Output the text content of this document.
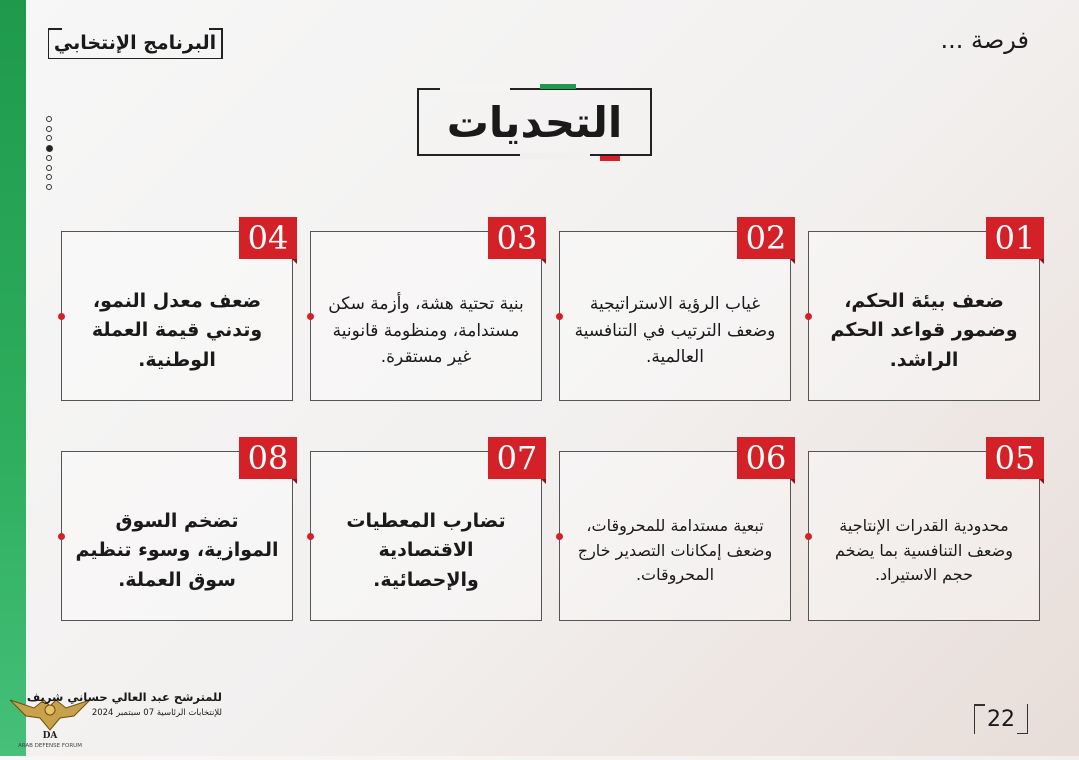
البرنامج الإنتخابي	فرصة ...
التحديات
01
ضعف بيئة الحكم، وضمور قواعد الحكم الراشد.
02
غياب الرؤية الاستراتيجية وضعف الترتيب في التنافسية العالمية.
03
بنية تحتية هشة، وأزمة سكن مستدامة، ومنظومة قانونية غير مستقرة.
04
ضعف معدل النمو، وتدني قيمة العملة الوطنية.
05
محدودية القدرات الإنتاجية وضعف التنافسية بما يضخم حجم الاستيراد.
06
تبعية مستدامة للمحروقات، وضعف إمكانات التصدير خارج المحروقات.
07
تضارب المعطيات الاقتصادية والإحصائية.
08
تضخم السوق الموازية، وسوء تنظيم سوق العملة.
DA
ARAB DEFENSE FORUM
للمترشح عبد العالي حساني شريف
للإنتخابات الرئاسية 07 سبتمبر 2024	22
